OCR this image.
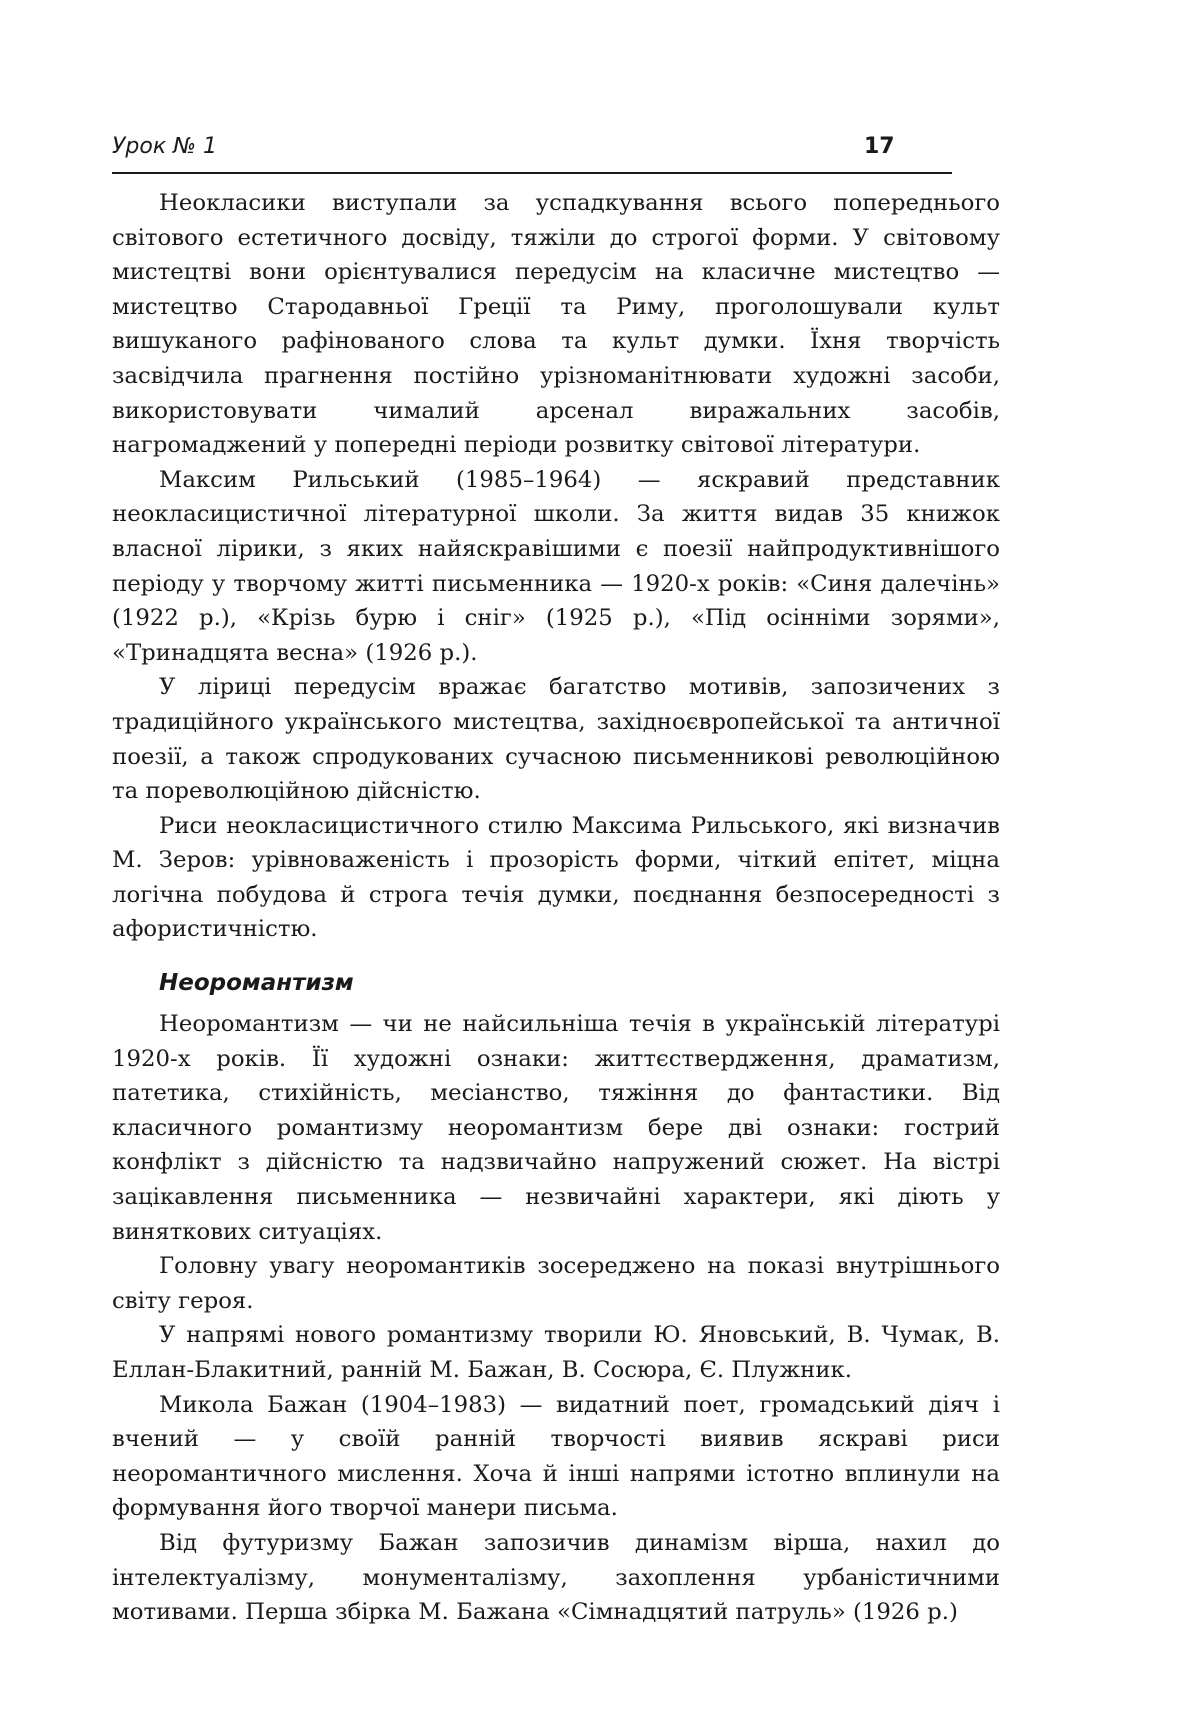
Урок № 1	17

Неокласики виступали за успадкування всього попереднього світового естетичного досвіду, тяжіли до строгої форми. У світовому мистецтві вони орієнтувалися передусім на класичне мистецтво — мистецтво Стародавньої Греції та Риму, проголошували культ вишуканого рафінованого слова та культ думки. Їхня творчість засвідчила прагнення постійно урізноманітнювати художні засоби, використовувати чималий арсенал виражальних засобів, нагромаджений у попередні періоди розвитку світової літератури.

Максим Рильський (1985–1964) — яскравий представник неокласицистичної літературної школи. За життя видав 35 книжок власної лірики, з яких найяскравішими є поезії найпродуктивнішого періоду у творчому житті письменника — 1920-х років: «Синя далечінь» (1922 р.), «Крізь бурю і сніг» (1925 р.), «Під осінніми зорями», «Тринадцята весна» (1926 р.).

У ліриці передусім вражає багатство мотивів, запозичених з традиційного українського мистецтва, західноєвропейської та античної поезії, а також спродукованих сучасною письменникові революційною та пореволюційною дійсністю.

Риси неокласицистичного стилю Максима Рильського, які визначив М. Зеров: урівноваженість і прозорість форми, чіткий епітет, міцна логічна побудова й строга течія думки, поєднання безпосередності з афористичністю.

Неоромантизм

Неоромантизм — чи не найсильніша течія в українській літературі 1920-х років. Її художні ознаки: життєствердження, драматизм, патетика, стихійність, месіанство, тяжіння до фантастики. Від класичного романтизму неоромантизм бере дві ознаки: гострий конфлікт з дійсністю та надзвичайно напружений сюжет. На вістрі зацікавлення письменника — незвичайні характери, які діють у виняткових ситуаціях.

Головну увагу неоромантиків зосереджено на показі внутрішнього світу героя.

У напрямі нового романтизму творили Ю. Яновський, В. Чумак, В. Еллан-Блакитний, ранній М. Бажан, В. Сосюра, Є. Плужник.

Микола Бажан (1904–1983) — видатний поет, громадський діяч і вчений — у своїй ранній творчості виявив яскраві риси неоромантичного мислення. Хоча й інші напрями істотно вплинули на формування його творчої манери письма.

Від футуризму Бажан запозичив динамізм вірша, нахил до інтелектуалізму, монументалізму, захоплення урбаністичними мотивами. Перша збірка М. Бажана «Сімнадцятий патруль» (1926 р.)
